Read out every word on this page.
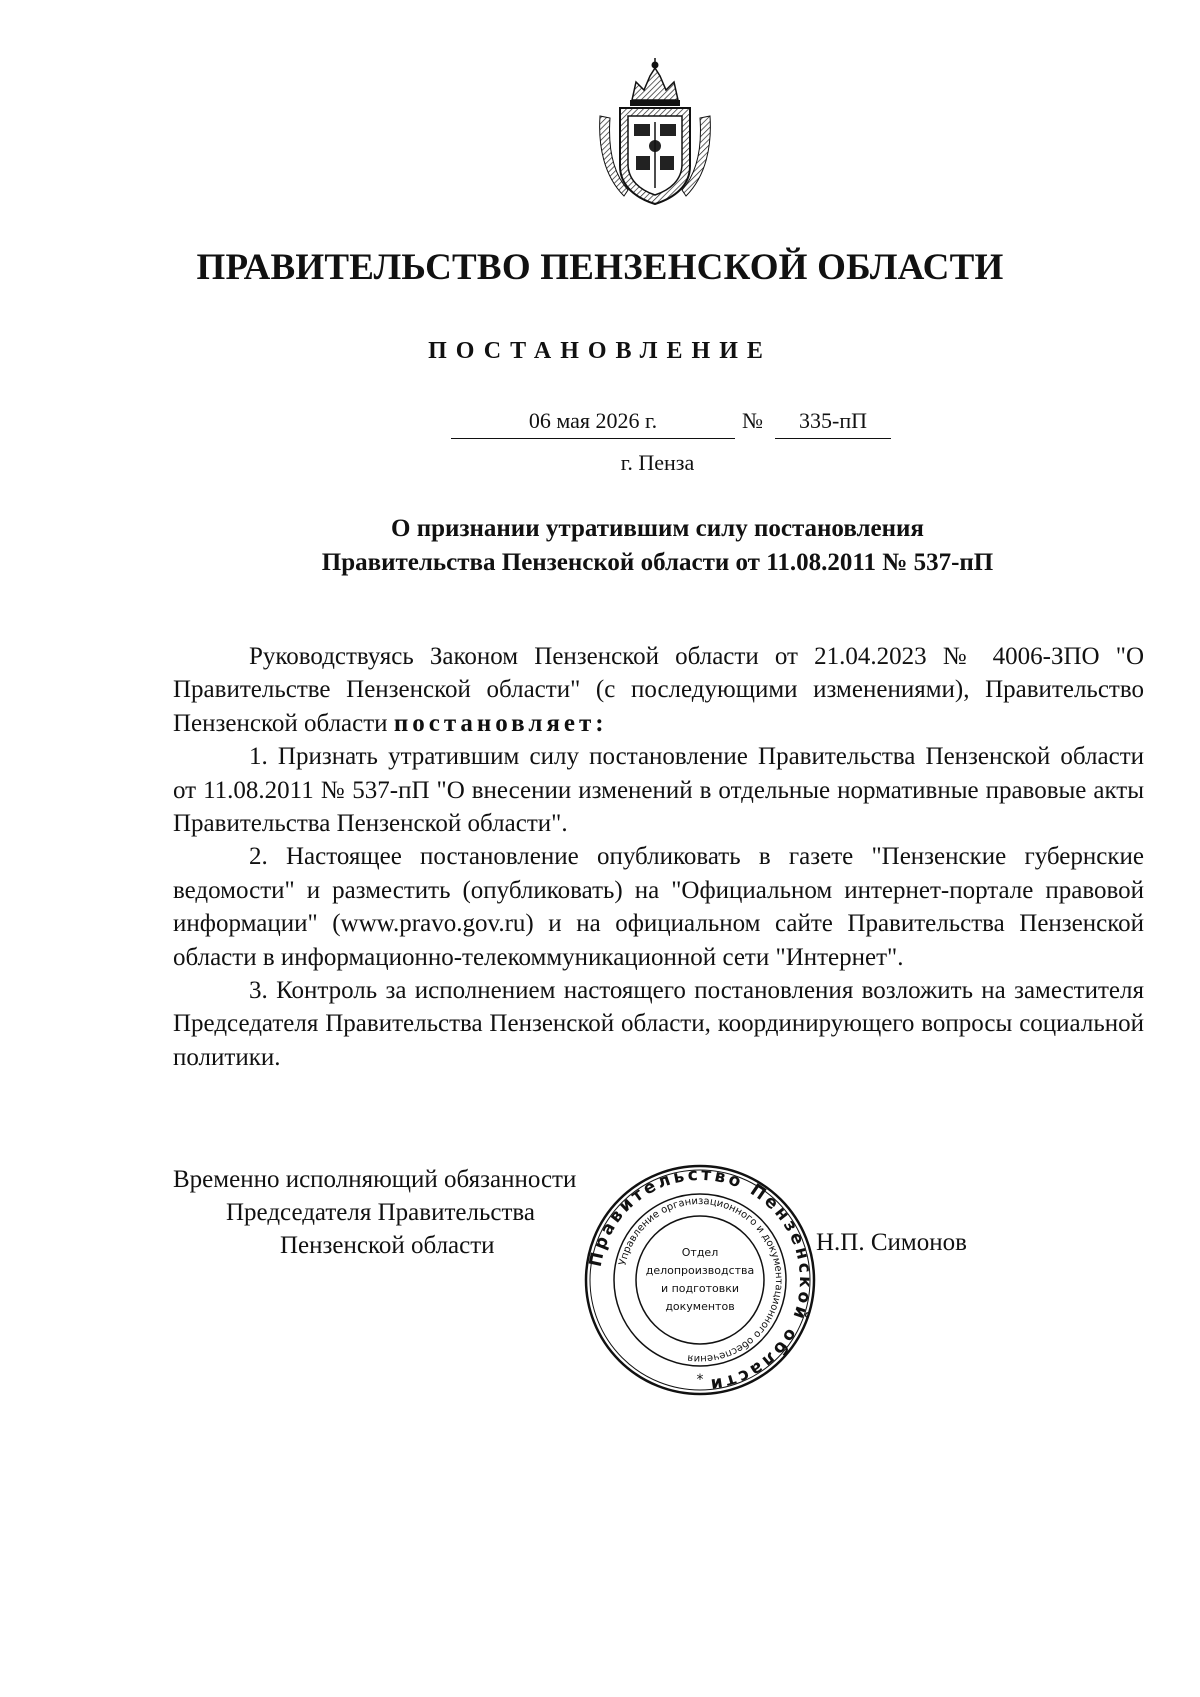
ПРАВИТЕЛЬСТВО ПЕНЗЕНСКОЙ ОБЛАСТИ
ПОСТАНОВЛЕНИЕ
06 мая 2026 г.	№	335-пП
г. Пенза
О признании утратившим силу постановления
Правительства Пензенской области от 11.08.2011 № 537-пП

Руководствуясь Законом Пензенской области от 21.04.2023 № 4006-ЗПО "О Правительстве Пензенской области" (с последующими изменениями), Правительство Пензенской области постановляет:

1. Признать утратившим силу постановление Правительства Пензенской области от 11.08.2011 № 537-пП "О внесении изменений в отдельные нормативные правовые акты Правительства Пензенской области".

2. Настоящее постановление опубликовать в газете "Пензенские губернские ведомости" и разместить (опубликовать) на "Официальном интернет-портале правовой информации" (www.pravo.gov.ru) и на официальном сайте Правительства Пензенской области в информационно-телекоммуникационной сети "Интернет".

3. Контроль за исполнением настоящего постановления возложить на заместителя Председателя Правительства Пензенской области, координирующего вопросы социальной политики.

Временно исполняющий обязанности
Председателя Правительства
Пензенской области	Н.П. Симонов
Правительство Пензенской области
Управление организационного и документационного обеспечения
Отдел
делопроизводства
и подготовки
документов
*
